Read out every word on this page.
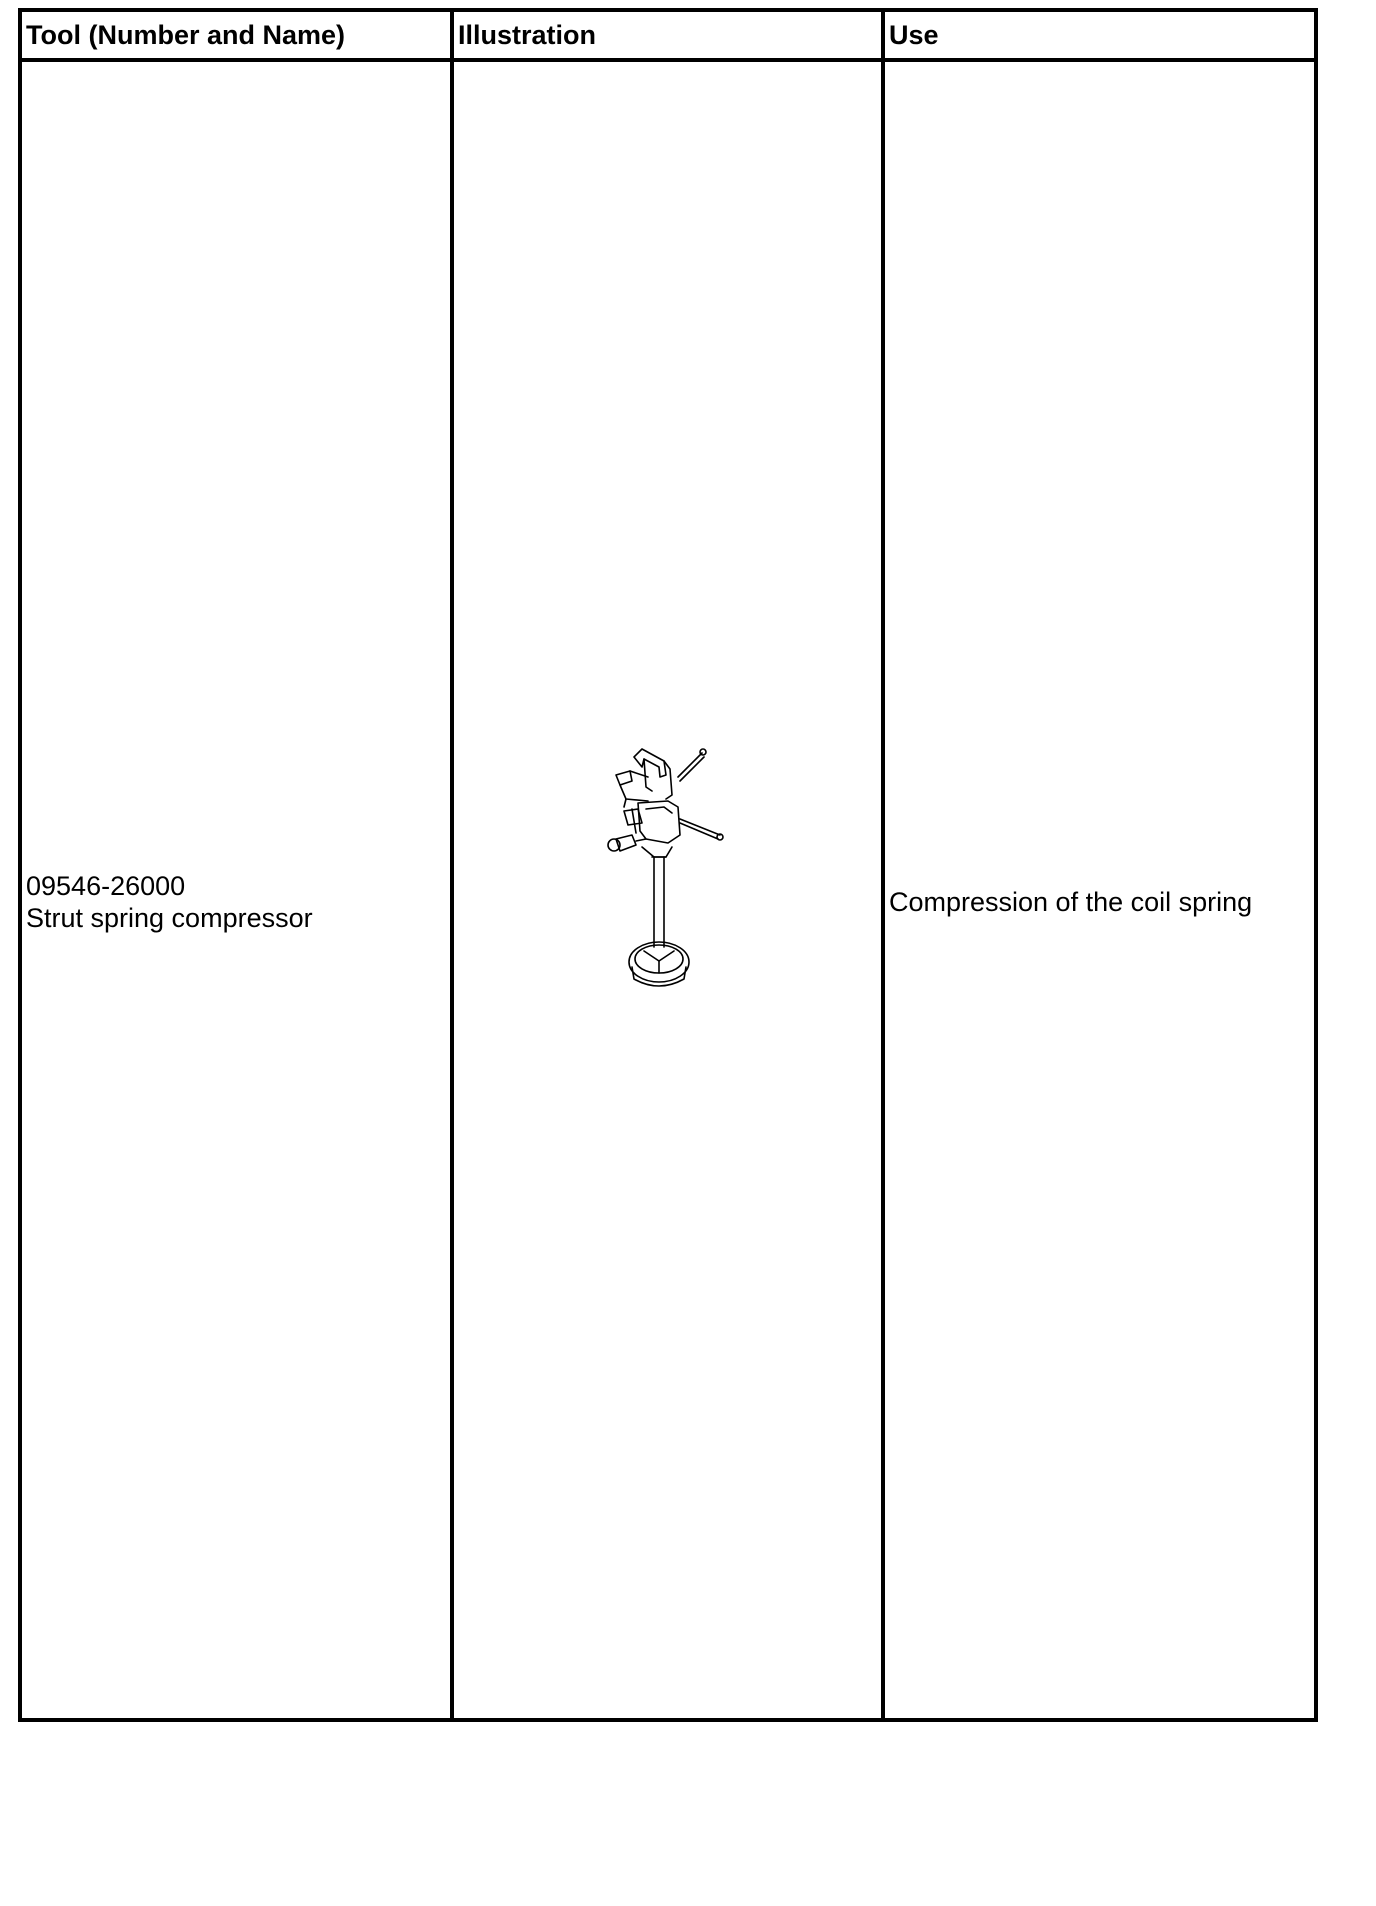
Tool (Number and Name)	Illustration	Use
09546-26000
Strut spring compressor
Compression of the coil spring
